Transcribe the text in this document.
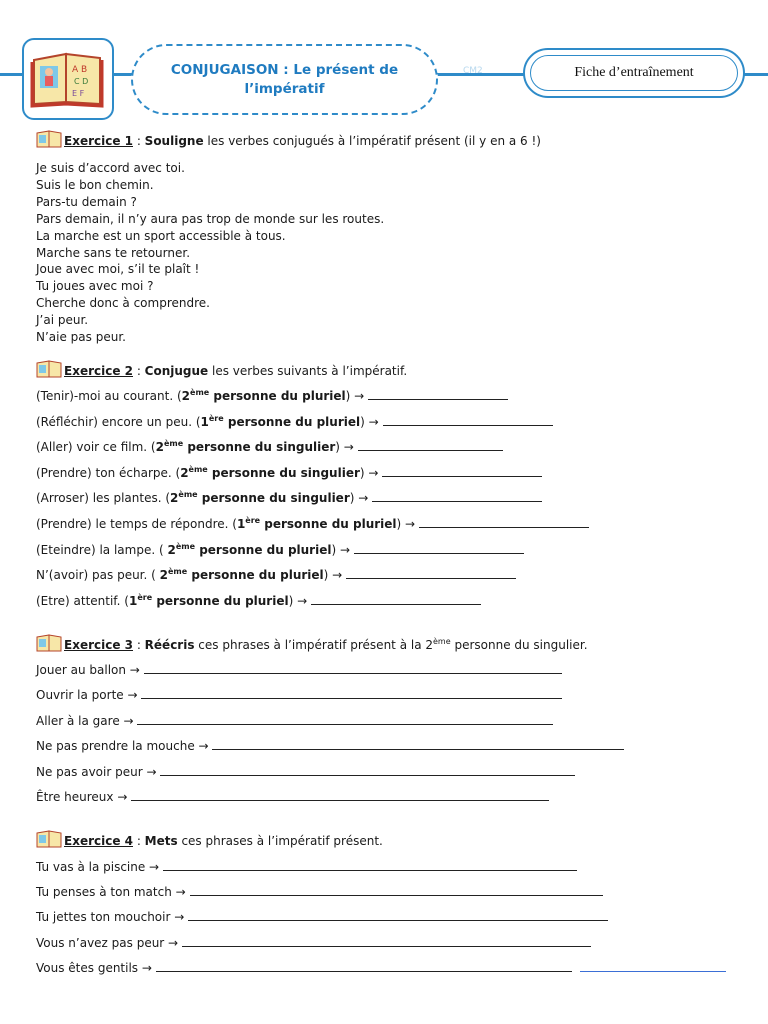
A B
C D
E F
CONJUGAISON : Le présent de
l’impératif
CM2	Fiche d’entraînement
Exercice 1 : Souligne les verbes conjugués à l’impératif présent (il y en a 6 !)
Je suis d’accord avec toi.
Suis le bon chemin.
Pars-tu demain ?
Pars demain, il n’y aura pas trop de monde sur les routes.
La marche est un sport accessible à tous.
Marche sans te retourner.
Joue avec moi, s’il te plaît !
Tu joues avec moi ?
Cherche donc à comprendre.
J’ai peur.
N’aie pas peur.
Exercice 2 : Conjugue les verbes suivants à l’impératif.
(Tenir)-moi au courant. (2ème personne du pluriel) →
(Réfléchir) encore un peu. (1ère personne du pluriel) →
(Aller) voir ce film. (2ème personne du singulier) →
(Prendre) ton écharpe. (2ème personne du singulier) →
(Arroser) les plantes. (2ème personne du singulier) →
(Prendre) le temps de répondre. (1ère personne du pluriel) →
(Eteindre) la lampe. ( 2ème personne du pluriel) →
N’(avoir) pas peur. ( 2ème personne du pluriel) →
(Etre) attentif. (1ère personne du pluriel) →
Exercice 3 : Réécris ces phrases à l’impératif présent à la 2ème personne du singulier.
Jouer au ballon →
Ouvrir la porte →
Aller à la gare →
Ne pas prendre la mouche →
Ne pas avoir peur →
Être heureux →
Exercice 4 : Mets ces phrases à l’impératif présent.
Tu vas à la piscine →
Tu penses à ton match →
Tu jettes ton mouchoir →
Vous n’avez pas peur →
Vous êtes gentils →
